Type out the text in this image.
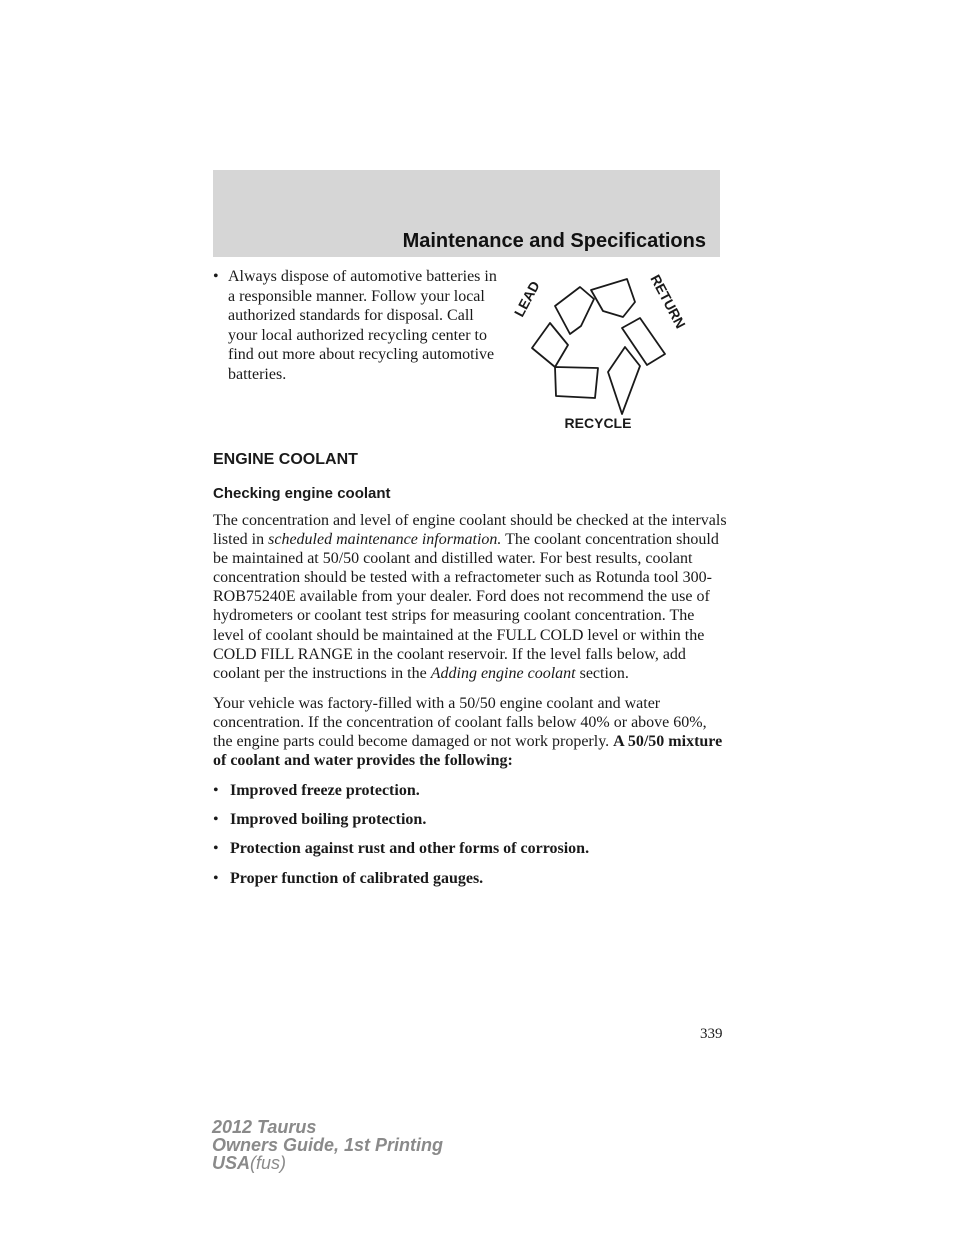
Maintenance and Specifications
• Always dispose of automotive batteries in a responsible manner. Follow your local authorized standards for disposal. Call your local authorized recycling center to find out more about recycling automotive batteries.
LEAD	RETURN
RECYCLE
ENGINE COOLANT
Checking engine coolant

The concentration and level of engine coolant should be checked at the intervals listed in scheduled maintenance information. The coolant concentration should be maintained at 50/50 coolant and distilled water. For best results, coolant concentration should be tested with a refractometer such as Rotunda tool 300-ROB75240E available from your dealer. Ford does not recommend the use of hydrometers or coolant test strips for measuring coolant concentration. The level of coolant should be maintained at the FULL COLD level or within the COLD FILL RANGE in the coolant reservoir. If the level falls below, add coolant per the instructions in the Adding engine coolant section.

Your vehicle was factory-filled with a 50/50 engine coolant and water concentration. If the concentration of coolant falls below 40% or above 60%, the engine parts could become damaged or not work properly. A 50/50 mixture of coolant and water provides the following:

• Improved freeze protection.
• Improved boiling protection.
• Protection against rust and other forms of corrosion.
• Proper function of calibrated gauges.
339
2012 Taurus
Owners Guide, 1st Printing
USA(fus)
